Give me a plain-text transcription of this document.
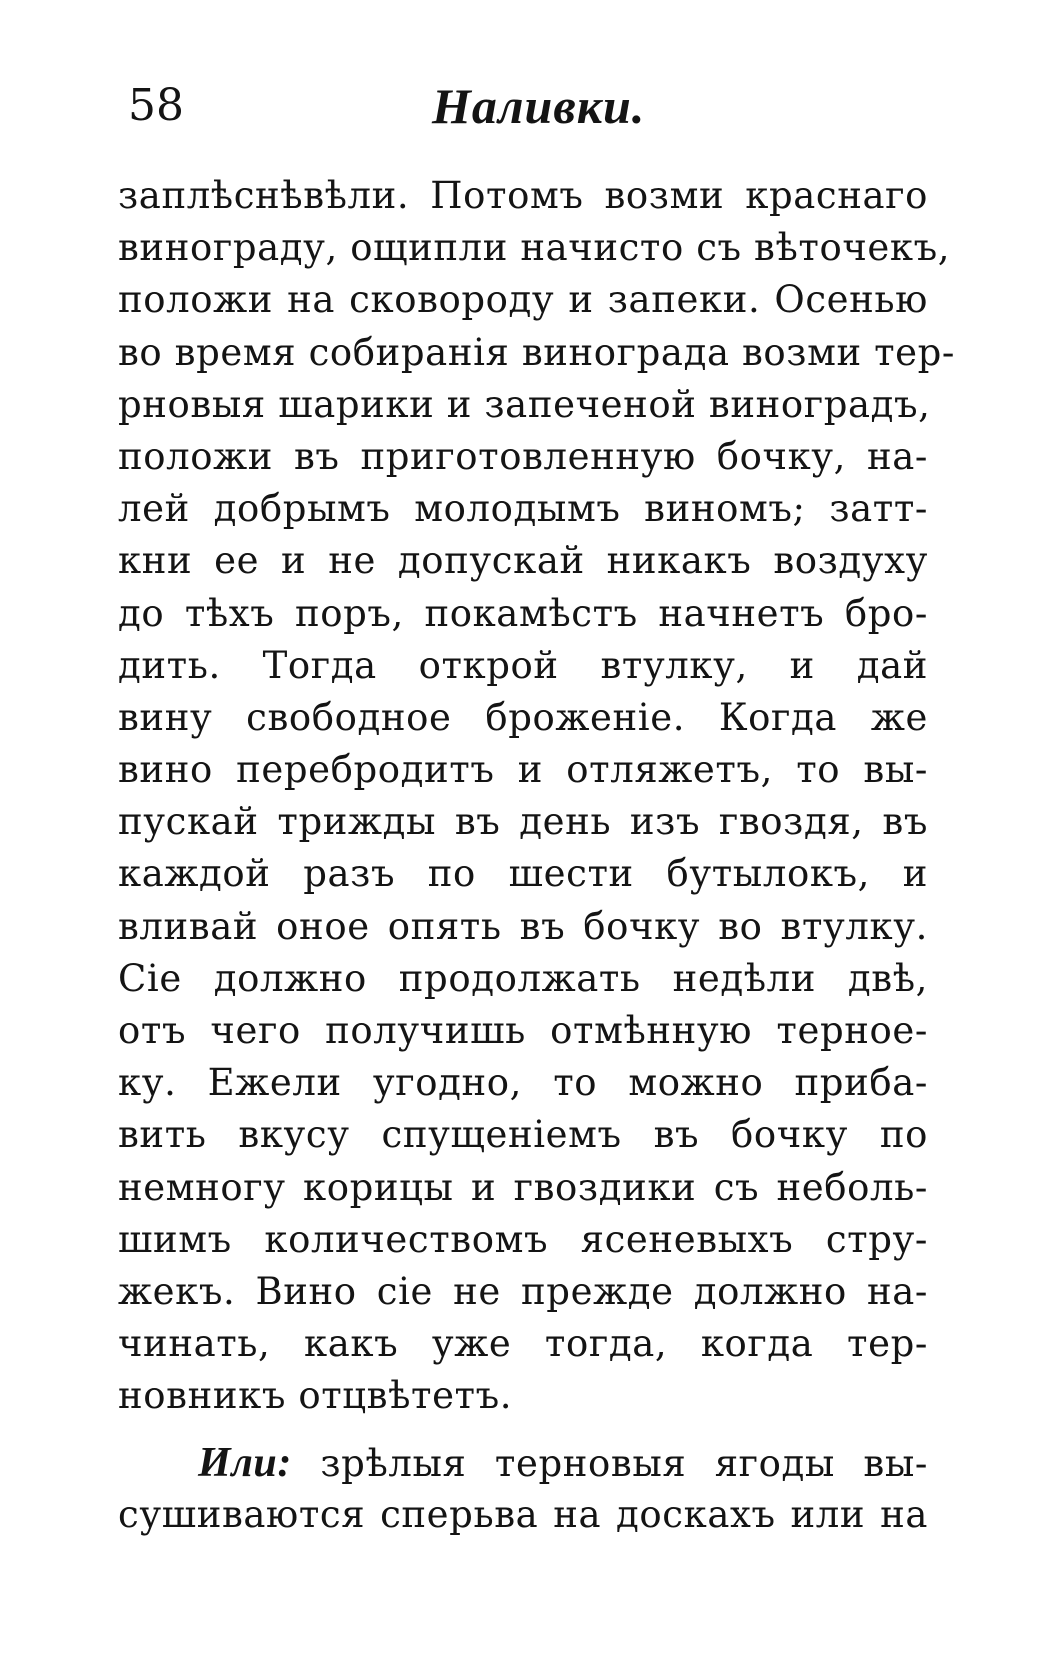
58	Наливки.
заплѣснѣвѣли. Потомъ возми краснаго
винограду, ощипли начисто съ вѣточекъ,
положи на сковороду и запеки. Осенью
во время собиранія винограда возми тер-
рновыя шарики и запеченой виноградъ,
положи въ приготовленную бочку, на-
лей добрымъ молодымъ виномъ; затт-
кни ее и не допускай никакъ воздуху
до тѣхъ поръ, покамѣстъ начнетъ бро-
дить. Тогда открой втулку, и дай
вину свободное броженіе. Когда же
вино перебродитъ и отляжетъ, то вы-
пускай трижды въ день изъ гвоздя, въ
каждой разъ по шести бутылокъ, и
вливай оное опять въ бочку во втулку.
Сіе должно продолжать недѣли двѣ,
отъ чего получишь отмѣнную терное-
ку. Ежели угодно, то можно приба-
вить вкусу спущеніемъ въ бочку по
немногу корицы и гвоздики съ неболь-
шимъ количествомъ ясеневыхъ стру-
жекъ. Вино сіе не прежде должно на-
чинать, какъ уже тогда, когда тер-
новникъ отцвѣтетъ.
Или: зрѣлыя терновыя ягоды вы-
сушиваются сперьва на доскахъ или на
